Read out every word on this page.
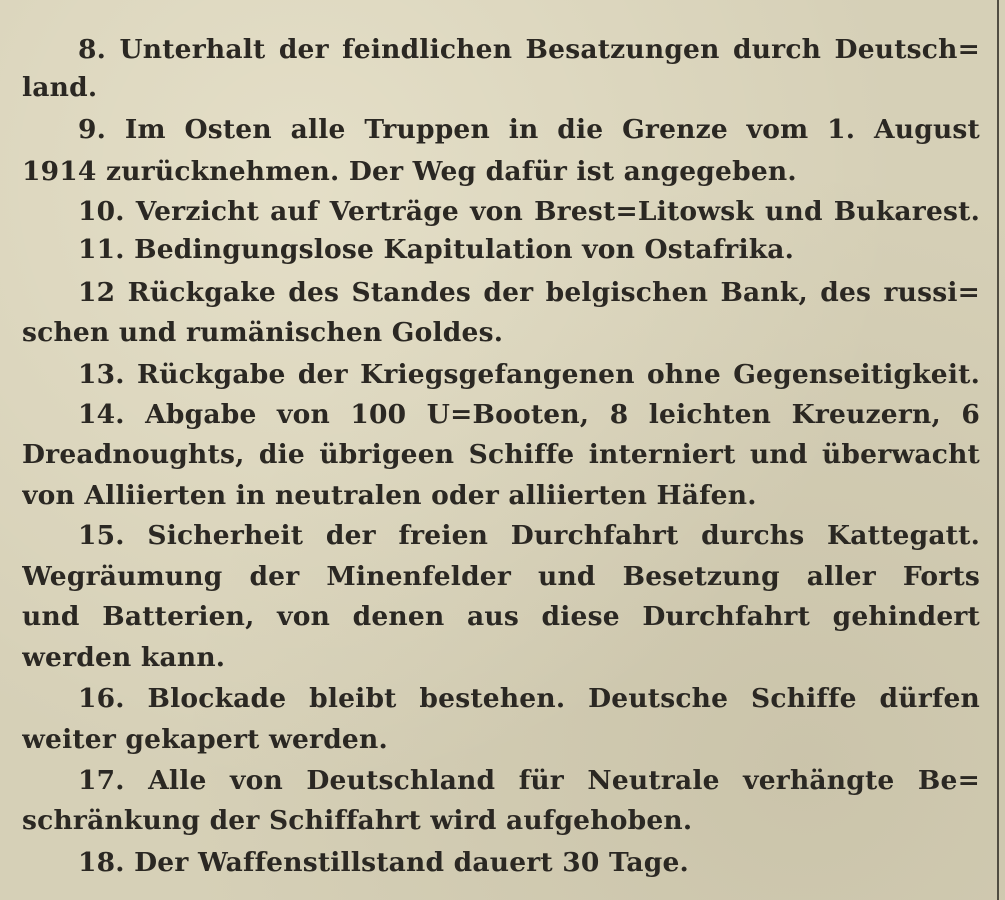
8. Unterhalt der feindlichen Besatzungen durch Deutsch=
land.
9. Im Osten alle Truppen in die Grenze vom 1. August
1914 zurücknehmen. Der Weg dafür ist angegeben.
10. Verzicht auf Verträge von Brest=Litowsk und Bukarest.
11. Bedingungslose Kapitulation von Ostafrika.
12 Rückgake des Standes der belgischen Bank, des russi=
schen und rumänischen Goldes.
13. Rückgabe der Kriegsgefangenen ohne Gegenseitigkeit.
14. Abgabe von 100 U=Booten, 8 leichten Kreuzern, 6
Dreadnoughts, die übrigeen Schiffe interniert und überwacht
von Alliierten in neutralen oder alliierten Häfen.
15. Sicherheit der freien Durchfahrt durchs Kattegatt.
Wegräumung der Minenfelder und Besetzung aller Forts
und Batterien, von denen aus diese Durchfahrt gehindert
werden kann.
16. Blockade bleibt bestehen. Deutsche Schiffe dürfen
weiter gekapert werden.
17. Alle von Deutschland für Neutrale verhängte Be=
schränkung der Schiffahrt wird aufgehoben.
18. Der Waffenstillstand dauert 30 Tage.
